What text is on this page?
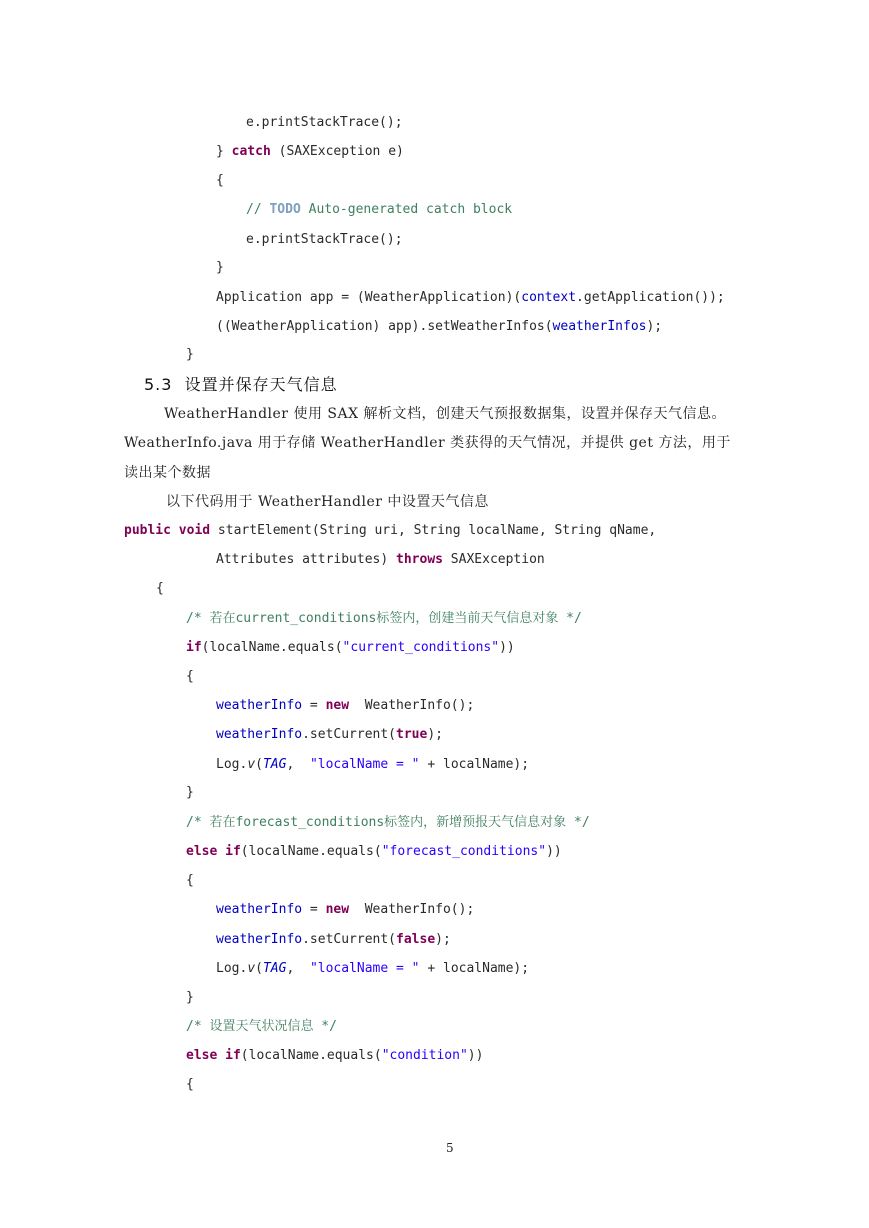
e.printStackTrace();
} catch (SAXException e)
{
// TODO Auto-generated catch block
e.printStackTrace();
}
Application app = (WeatherApplication)(context.getApplication());
((WeatherApplication) app).setWeatherInfos(weatherInfos);
}
5.3 设置并保存天气信息
WeatherHandler 使用 SAX 解析文档，创建天气预报数据集，设置并保存天气信息。
WeatherInfo.java 用于存储 WeatherHandler 类获得的天气情况，并提供 get 方法，用于
读出某个数据
以下代码用于 WeatherHandler 中设置天气信息
public void startElement(String uri, String localName, String qName,
Attributes attributes) throws SAXException
{
/* 若在current_conditions标签内，创建当前天气信息对象 */
if(localName.equals("current_conditions"))
{
weatherInfo = new  WeatherInfo();
weatherInfo.setCurrent(true);
Log.v(TAG,  "localName = " + localName);
}
/* 若在forecast_conditions标签内，新增预报天气信息对象 */
else if(localName.equals("forecast_conditions"))
{
weatherInfo = new  WeatherInfo();
weatherInfo.setCurrent(false);
Log.v(TAG,  "localName = " + localName);
}
/* 设置天气状况信息 */
else if(localName.equals("condition"))
{
5
